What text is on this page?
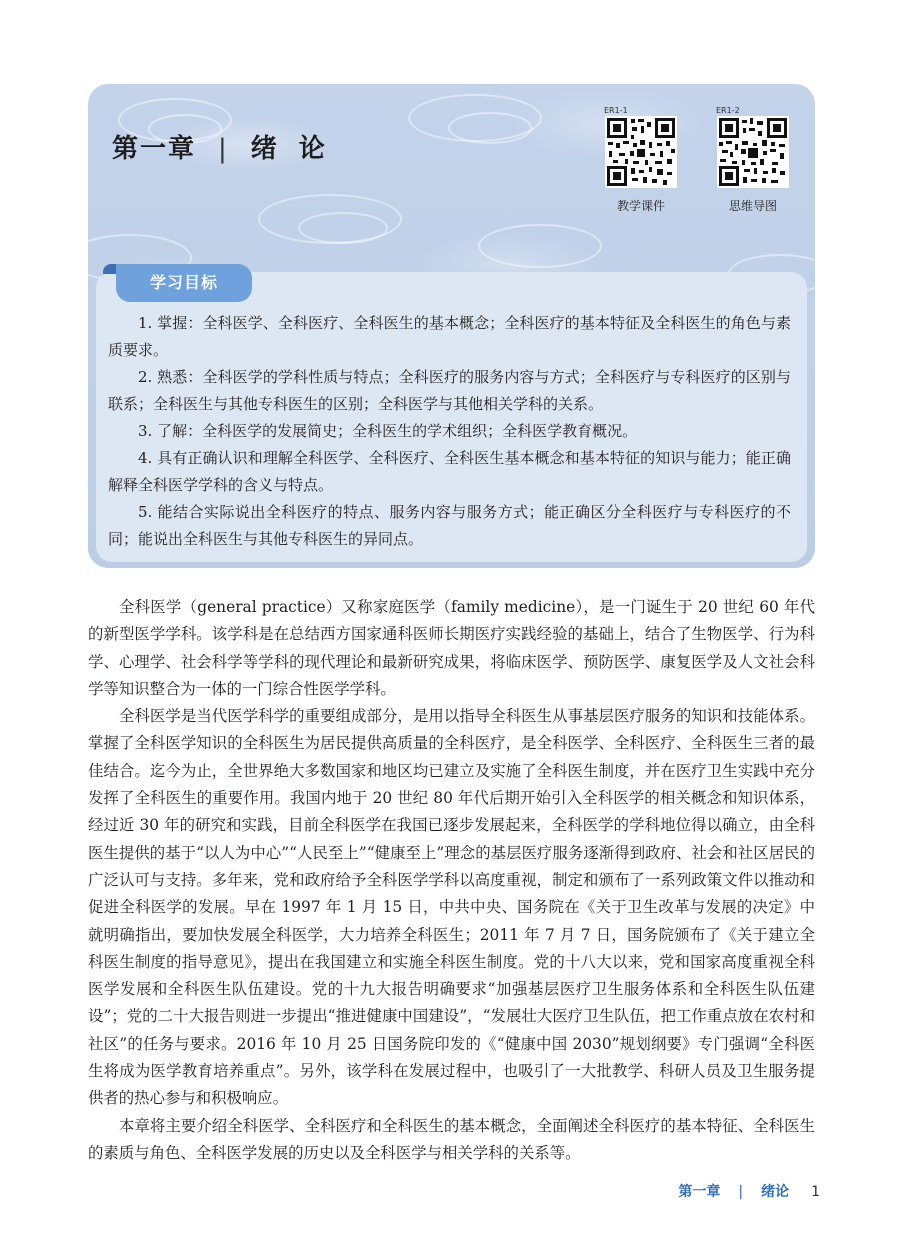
第一章 | 绪论
ER1-1
教学课件
ER1-2
思维导图
学习目标
1. 掌握：全科医学、全科医疗、全科医生的基本概念；全科医疗的基本特征及全科医生的角色与素质要求。
2. 熟悉：全科医学的学科性质与特点；全科医疗的服务内容与方式；全科医疗与专科医疗的区别与联系；全科医生与其他专科医生的区别；全科医学与其他相关学科的关系。
3. 了解：全科医学的发展简史；全科医生的学术组织；全科医学教育概况。
4. 具有正确认识和理解全科医学、全科医疗、全科医生基本概念和基本特征的知识与能力；能正确解释全科医学学科的含义与特点。
5. 能结合实际说出全科医疗的特点、服务内容与服务方式；能正确区分全科医疗与专科医疗的不同；能说出全科医生与其他专科医生的异同点。

全科医学（general practice）又称家庭医学（family medicine），是一门诞生于 20 世纪 60 年代的新型医学学科。该学科是在总结西方国家通科医师长期医疗实践经验的基础上，结合了生物医学、行为科学、心理学、社会科学等学科的现代理论和最新研究成果，将临床医学、预防医学、康复医学及人文社会科学等知识整合为一体的一门综合性医学学科。

全科医学是当代医学科学的重要组成部分，是用以指导全科医生从事基层医疗服务的知识和技能体系。掌握了全科医学知识的全科医生为居民提供高质量的全科医疗，是全科医学、全科医疗、全科医生三者的最佳结合。迄今为止，全世界绝大多数国家和地区均已建立及实施了全科医生制度，并在医疗卫生实践中充分发挥了全科医生的重要作用。我国内地于 20 世纪 80 年代后期开始引入全科医学的相关概念和知识体系，经过近 30 年的研究和实践，目前全科医学在我国已逐步发展起来，全科医学的学科地位得以确立，由全科医生提供的基于“以人为中心”“人民至上”“健康至上”理念的基层医疗服务逐渐得到政府、社会和社区居民的广泛认可与支持。多年来，党和政府给予全科医学学科以高度重视，制定和颁布了一系列政策文件以推动和促进全科医学的发展。早在 1997 年 1 月 15 日，中共中央、国务院在《关于卫生改革与发展的决定》中就明确指出，要加快发展全科医学，大力培养全科医生；2011 年 7 月 7 日，国务院颁布了《关于建立全科医生制度的指导意见》，提出在我国建立和实施全科医生制度。党的十八大以来，党和国家高度重视全科医学发展和全科医生队伍建设。党的十九大报告明确要求“加强基层医疗卫生服务体系和全科医生队伍建设”；党的二十大报告则进一步提出“推进健康中国建设”，“发展壮大医疗卫生队伍，把工作重点放在农村和社区”的任务与要求。2016 年 10 月 25 日国务院印发的《“健康中国 2030”规划纲要》专门强调“全科医生将成为医学教育培养重点”。另外，该学科在发展过程中，也吸引了一大批教学、科研人员及卫生服务提供者的热心参与和积极响应。

本章将主要介绍全科医学、全科医疗和全科医生的基本概念，全面阐述全科医疗的基本特征、全科医生的素质与角色、全科医学发展的历史以及全科医学与相关学科的关系等。

第一章 | 绪论 1
